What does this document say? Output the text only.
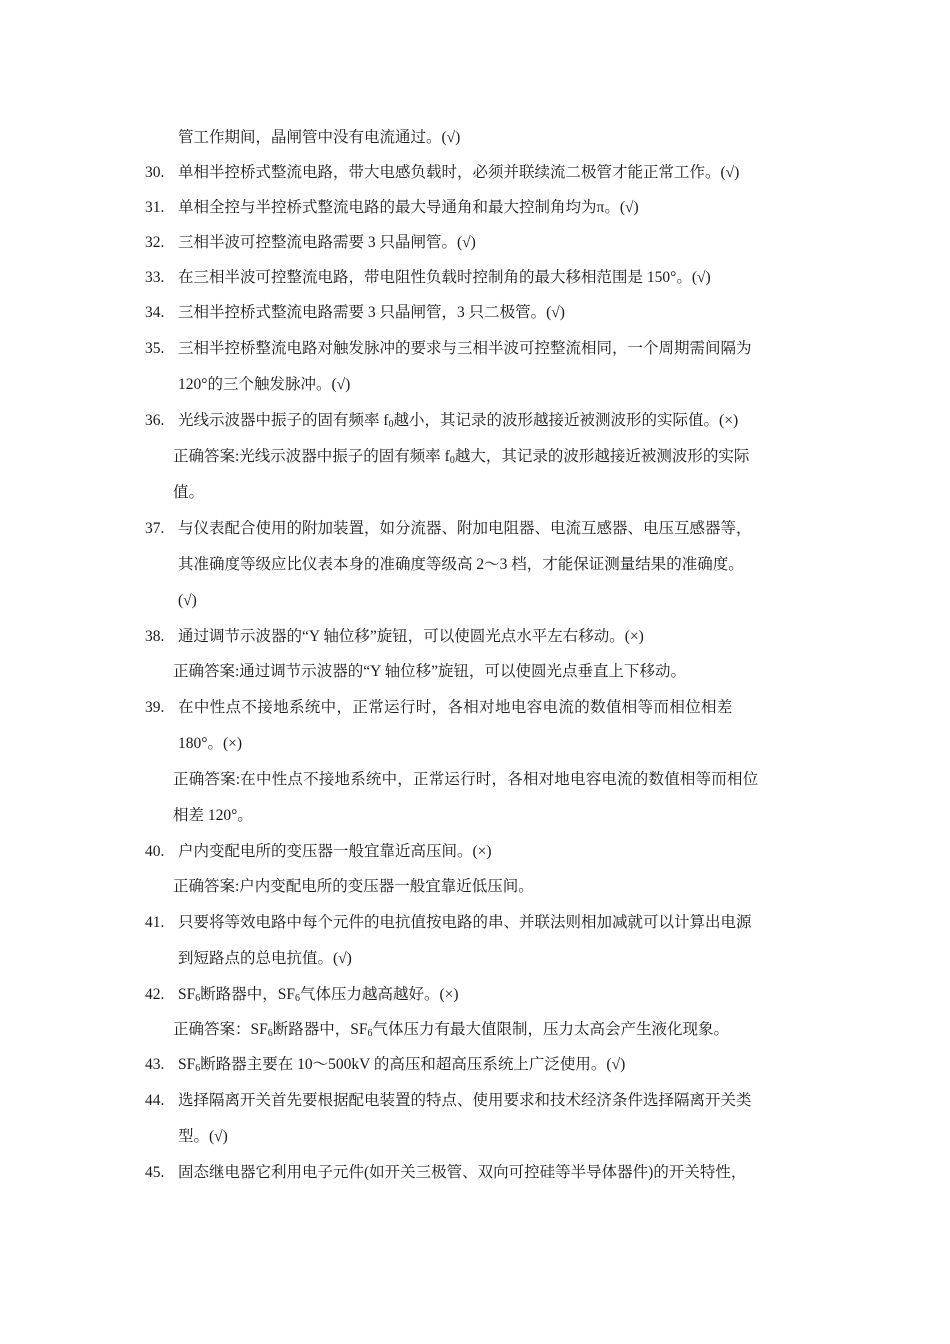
管工作期间，晶闸管中没有电流通过。(√)
30. 单相半控桥式整流电路，带大电感负载时，必须并联续流二极管才能正常工作。(√)
31. 单相全控与半控桥式整流电路的最大导通角和最大控制角均为π。(√)
32. 三相半波可控整流电路需要 3 只晶闸管。(√)
33. 在三相半波可控整流电路，带电阻性负载时控制角的最大移相范围是 150°。(√)
34. 三相半控桥式整流电路需要 3 只晶闸管，3 只二极管。(√)
35. 三相半控桥整流电路对触发脉冲的要求与三相半波可控整流相同，一个周期需间隔为
120°的三个触发脉冲。(√)
36. 光线示波器中振子的固有频率 $f_0$越小，其记录的波形越接近被测波形的实际值。(×)
正确答案:光线示波器中振子的固有频率 $f_0$越大，其记录的波形越接近被测波形的实际
值。
37. 与仪表配合使用的附加装置，如分流器、附加电阻器、电流互感器、电压互感器等，
其准确度等级应比仪表本身的准确度等级高 2～3 档，才能保证测量结果的准确度。
(√)
38. 通过调节示波器的“Y 轴位移”旋钮，可以使圆光点水平左右移动。(×)
正确答案:通过调节示波器的“Y 轴位移”旋钮，可以使圆光点垂直上下移动。
39. 在中性点不接地系统中，正常运行时，各相对地电容电流的数值相等而相位相差
180°。(×)
正确答案:在中性点不接地系统中，正常运行时，各相对地电容电流的数值相等而相位
相差 120°。
40. 户内变配电所的变压器一般宜靠近高压间。(×)
正确答案:户内变配电所的变压器一般宜靠近低压间。
41. 只要将等效电路中每个元件的电抗值按电路的串、并联法则相加减就可以计算出电源
到短路点的总电抗值。(√)
42. $SF_6$断路器中，$SF_6$气体压力越高越好。(×)
正确答案：$SF_6$断路器中，$SF_6$气体压力有最大值限制，压力太高会产生液化现象。
43. $SF_6$断路器主要在 10～500kV 的高压和超高压系统上广泛使用。(√)
44. 选择隔离开关首先要根据配电装置的特点、使用要求和技术经济条件选择隔离开关类
型。(√)
45. 固态继电器它利用电子元件(如开关三极管、双向可控硅等半导体器件)的开关特性，
